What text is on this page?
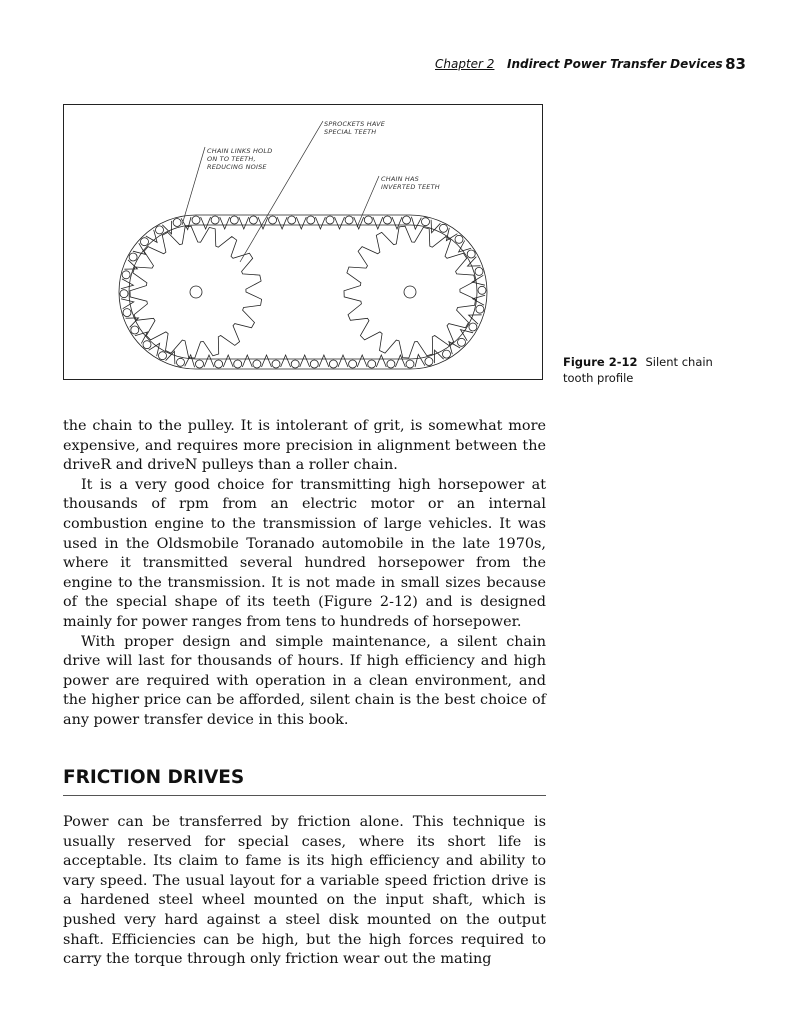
Chapter 2 Indirect Power Transfer Devices 83
SPROCKETS HAVE SPECIAL TEETH
CHAIN LINKS HOLD ON TO TEETH, REDUCING NOISE
CHAIN HAS INVERTED TEETH
Figure 2-12 Silent chain tooth profile

the chain to the pulley. It is intolerant of grit, is somewhat more expensive, and requires more precision in alignment between the driveR and driveN pulleys than a roller chain.

It is a very good choice for transmitting high horsepower at thousands of rpm from an electric motor or an internal combustion engine to the transmission of large vehicles. It was used in the Oldsmobile Toranado automobile in the late 1970s, where it transmitted several hundred horsepower from the engine to the transmission. It is not made in small sizes because of the special shape of its teeth (Figure 2-12) and is designed mainly for power ranges from tens to hundreds of horsepower.

With proper design and simple maintenance, a silent chain drive will last for thousands of hours. If high efficiency and high power are required with operation in a clean environment, and the higher price can be afforded, silent chain is the best choice of any power transfer device in this book.

FRICTION DRIVES

Power can be transferred by friction alone. This technique is usually reserved for special cases, where its short life is acceptable. Its claim to fame is its high efficiency and ability to vary speed. The usual layout for a variable speed friction drive is a hardened steel wheel mounted on the input shaft, which is pushed very hard against a steel disk mounted on the output shaft. Efficiencies can be high, but the high forces required to carry the torque through only friction wear out the mating
